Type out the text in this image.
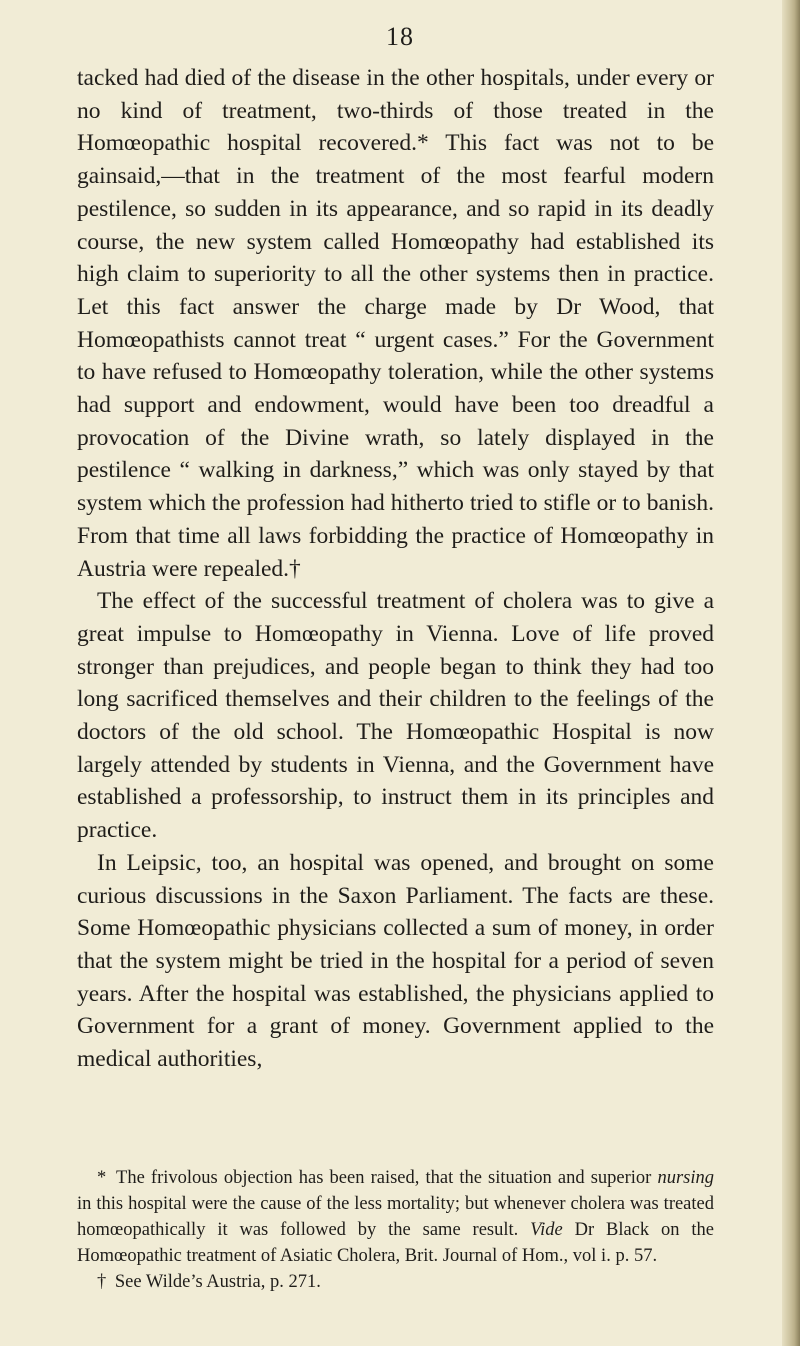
18

tacked had died of the disease in the other hospitals, under every or no kind of treatment, two-thirds of those treated in the Homœopathic hospital recovered.* This fact was not to be gainsaid,—that in the treatment of the most fearful modern pestilence, so sudden in its appearance, and so rapid in its deadly course, the new system called Homœopathy had established its high claim to superiority to all the other systems then in practice. Let this fact answer the charge made by Dr Wood, that Homœopathists cannot treat “ urgent cases.” For the Government to have refused to Homœopathy toleration, while the other systems had support and endowment, would have been too dreadful a provocation of the Divine wrath, so lately displayed in the pestilence “ walking in darkness,” which was only stayed by that system which the profession had hitherto tried to stifle or to banish. From that time all laws forbidding the practice of Homœopathy in Austria were repealed.†

The effect of the successful treatment of cholera was to give a great impulse to Homœopathy in Vienna. Love of life proved stronger than prejudices, and people began to think they had too long sacrificed themselves and their children to the feelings of the doctors of the old school. The Homœopathic Hospital is now largely attended by students in Vienna, and the Government have established a professorship, to instruct them in its principles and practice.

In Leipsic, too, an hospital was opened, and brought on some curious discussions in the Saxon Parliament. The facts are these. Some Homœopathic physicians collected a sum of money, in order that the system might be tried in the hospital for a period of seven years. After the hospital was established, the physicians applied to Government for a grant of money. Government applied to the medical authorities,

* The frivolous objection has been raised, that the situation and superior nursing in this hospital were the cause of the less mortality; but whenever cholera was treated homœopathically it was followed by the same result. Vide Dr Black on the Homœopathic treatment of Asiatic Cholera, Brit. Journal of Hom., vol i. p. 57.

† See Wilde’s Austria, p. 271.
